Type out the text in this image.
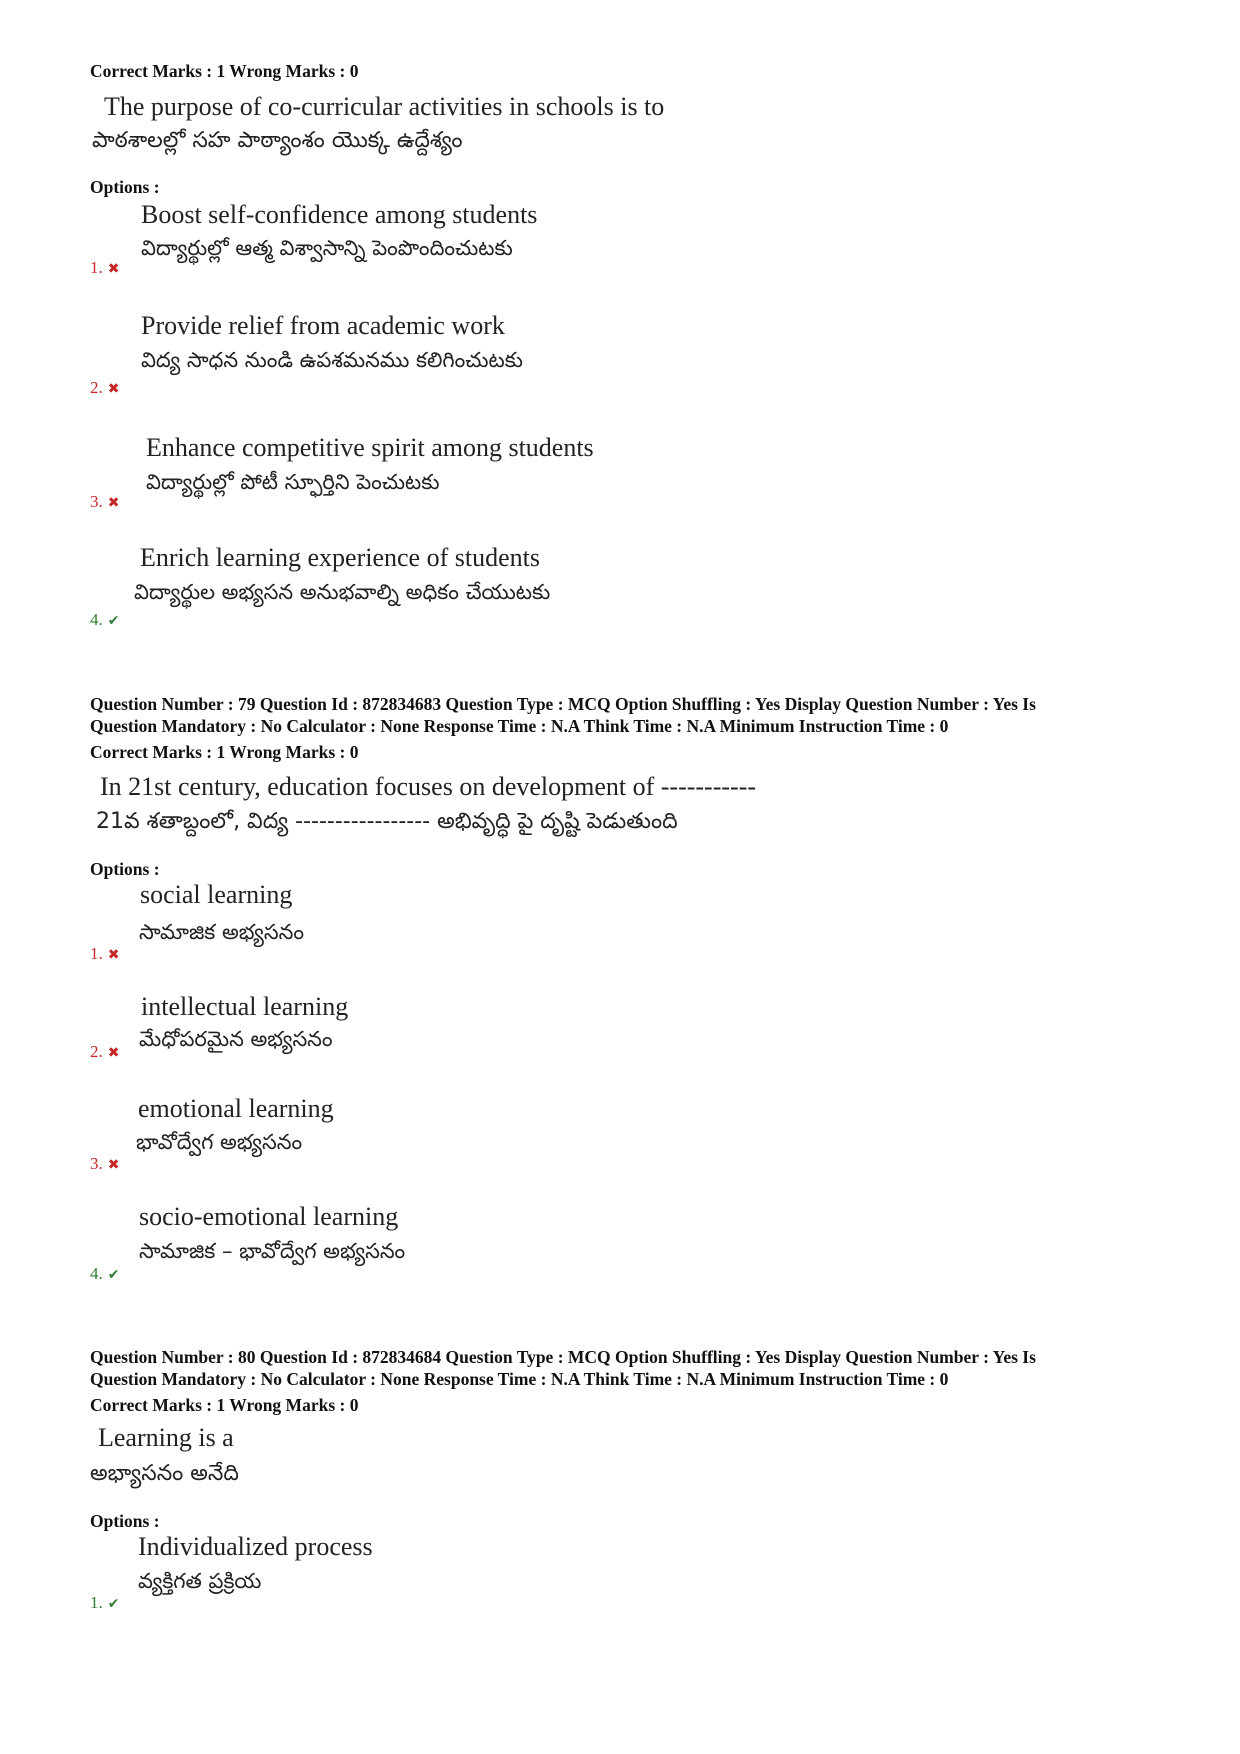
Correct Marks : 1 Wrong Marks : 0
The purpose of co-curricular activities in schools is to
పాఠశాలల్లో సహ పాఠ్యాంశం యొక్క ఉద్దేశ్యం
Options :
Boost self-confidence among students
విద్యార్థుల్లో ఆత్మ విశ్వాసాన్ని పెంపొందించుటకు
1. ✖
Provide relief from academic work
విద్య సాధన నుండి ఉపశమనము కలిగించుటకు
2. ✖
Enhance competitive spirit among students
విద్యార్థుల్లో పోటీ స్ఫూర్తిని పెంచుటకు
3. ✖
Enrich learning experience of students
విద్యార్థుల అభ్యసన అనుభవాల్ని అధికం చేయుటకు
4. ✔
Question Number : 79 Question Id : 872834683 Question Type : MCQ Option Shuffling : Yes Display Question Number : Yes Is
Question Mandatory : No Calculator : None Response Time : N.A Think Time : N.A Minimum Instruction Time : 0
Correct Marks : 1 Wrong Marks : 0
In 21st century, education focuses on development of -----------
21వ శతాబ్దంలో, విద్య ----------------- అభివృద్ధి పై దృష్టి పెడుతుంది
Options :
social learning
సామాజిక అభ్యసనం
1. ✖
intellectual learning
మేధోపరమైన అభ్యసనం
2. ✖
emotional learning
భావోద్వేగ అభ్యసనం
3. ✖
socio-emotional learning
సామాజిక – భావోద్వేగ అభ్యసనం
4. ✔
Question Number : 80 Question Id : 872834684 Question Type : MCQ Option Shuffling : Yes Display Question Number : Yes Is
Question Mandatory : No Calculator : None Response Time : N.A Think Time : N.A Minimum Instruction Time : 0
Correct Marks : 1 Wrong Marks : 0
Learning is a
అభ్యాసనం అనేది
Options :
Individualized process
వ్యక్తిగత ప్రక్రియ
1. ✔
